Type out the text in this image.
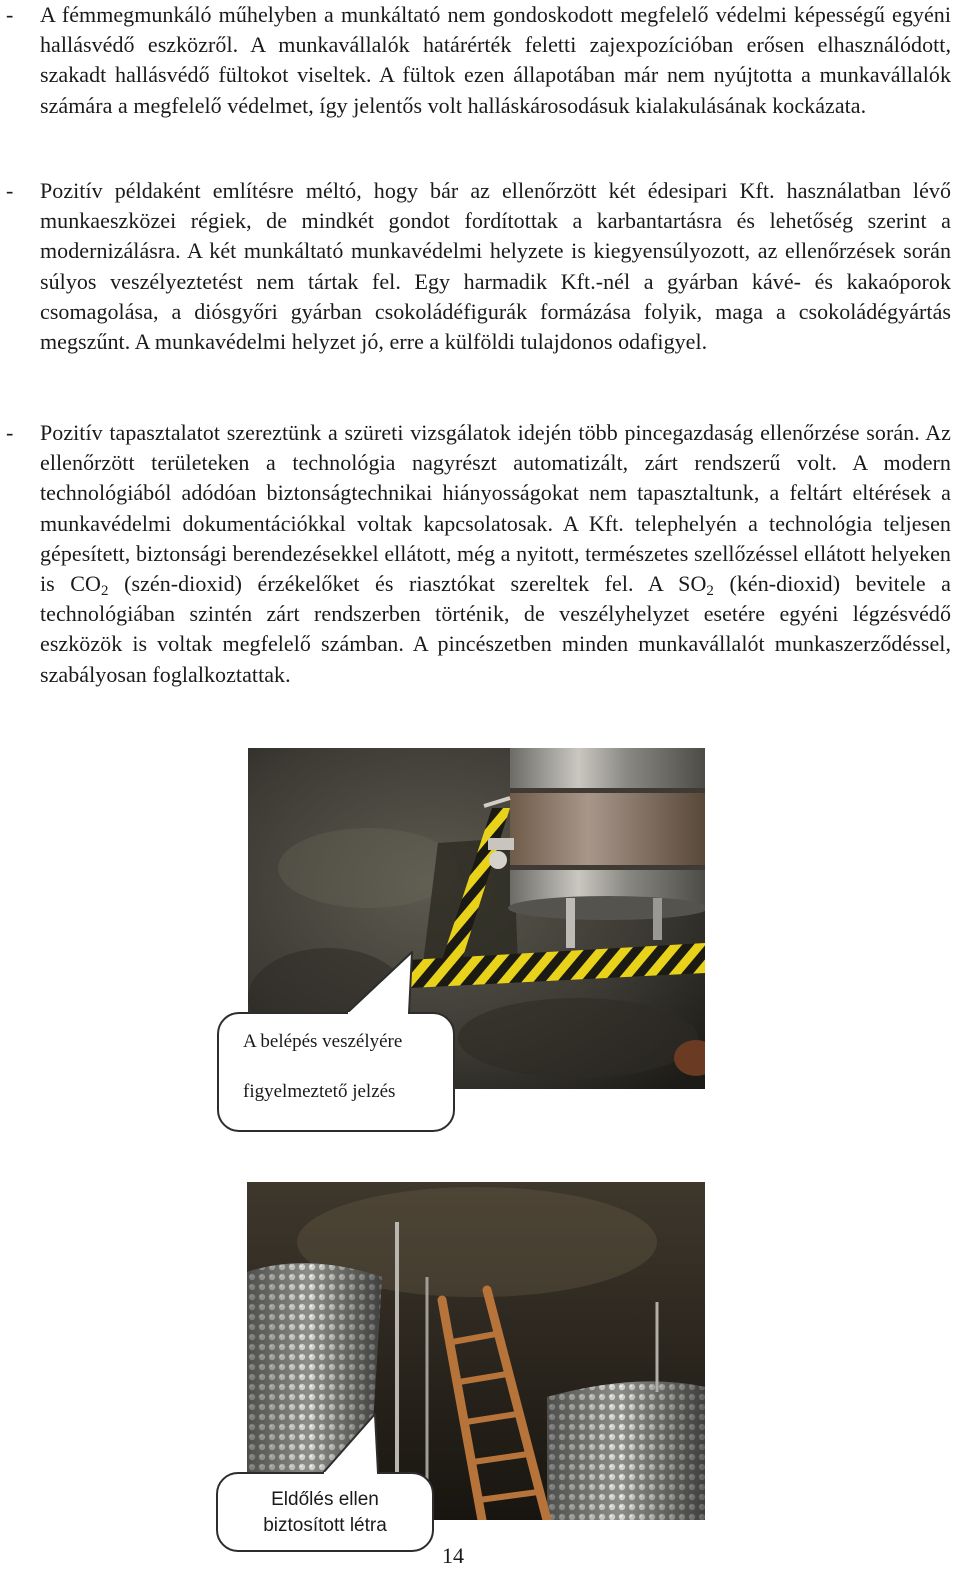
- A fémmegmunkáló műhelyben a munkáltató nem gondoskodott megfelelő védelmi képességű egyéni hallásvédő eszközről. A munkavállalók határérték feletti zajexpozícióban erősen elhasználódott, szakadt hallásvédő fültokot viseltek. A fültok ezen állapotában már nem nyújtotta a munkavállalók számára a megfelelő védelmet, így jelentős volt halláskárosodásuk kialakulásának kockázata.

- Pozitív példaként említésre méltó, hogy bár az ellenőrzött két édesipari Kft. használatban lévő munkaeszközei régiek, de mindkét gondot fordítottak a karbantartásra és lehetőség szerint a modernizálásra. A két munkáltató munkavédelmi helyzete is kiegyensúlyozott, az ellenőrzések során súlyos veszélyeztetést nem tártak fel. Egy harmadik Kft.-nél a gyárban kávé- és kakaóporok csomagolása, a diósgyőri gyárban csokoládéfigurák formázása folyik, maga a csokoládégyártás megszűnt. A munkavédelmi helyzet jó, erre a külföldi tulajdonos odafigyel.

- Pozitív tapasztalatot szereztünk a szüreti vizsgálatok idején több pincegazdaság ellenőrzése során. Az ellenőrzött területeken a technológia nagyrészt automatizált, zárt rendszerű volt. A modern technológiából adódóan biztonságtechnikai hiányosságokat nem tapasztaltunk, a feltárt eltérések a munkavédelmi dokumentációkkal voltak kapcsolatosak. A Kft. telephelyén a technológia teljesen gépesített, biztonsági berendezésekkel ellátott, még a nyitott, természetes szellőzéssel ellátott helyeken is $CO_2$ (szén-dioxid) érzékelőket és riasztókat szereltek fel. A $SO_2$ (kén-dioxid) bevitele a technológiában szintén zárt rendszerben történik, de veszélyhelyzet esetére egyéni légzésvédő eszközök is voltak megfelelő számban. A pincészetben minden munkavállalót munkaszerződéssel, szabályosan foglalkoztattak.

A belépés veszélyére
figyelmeztető jelzés
Eldőlés ellen
biztosított létra
14
